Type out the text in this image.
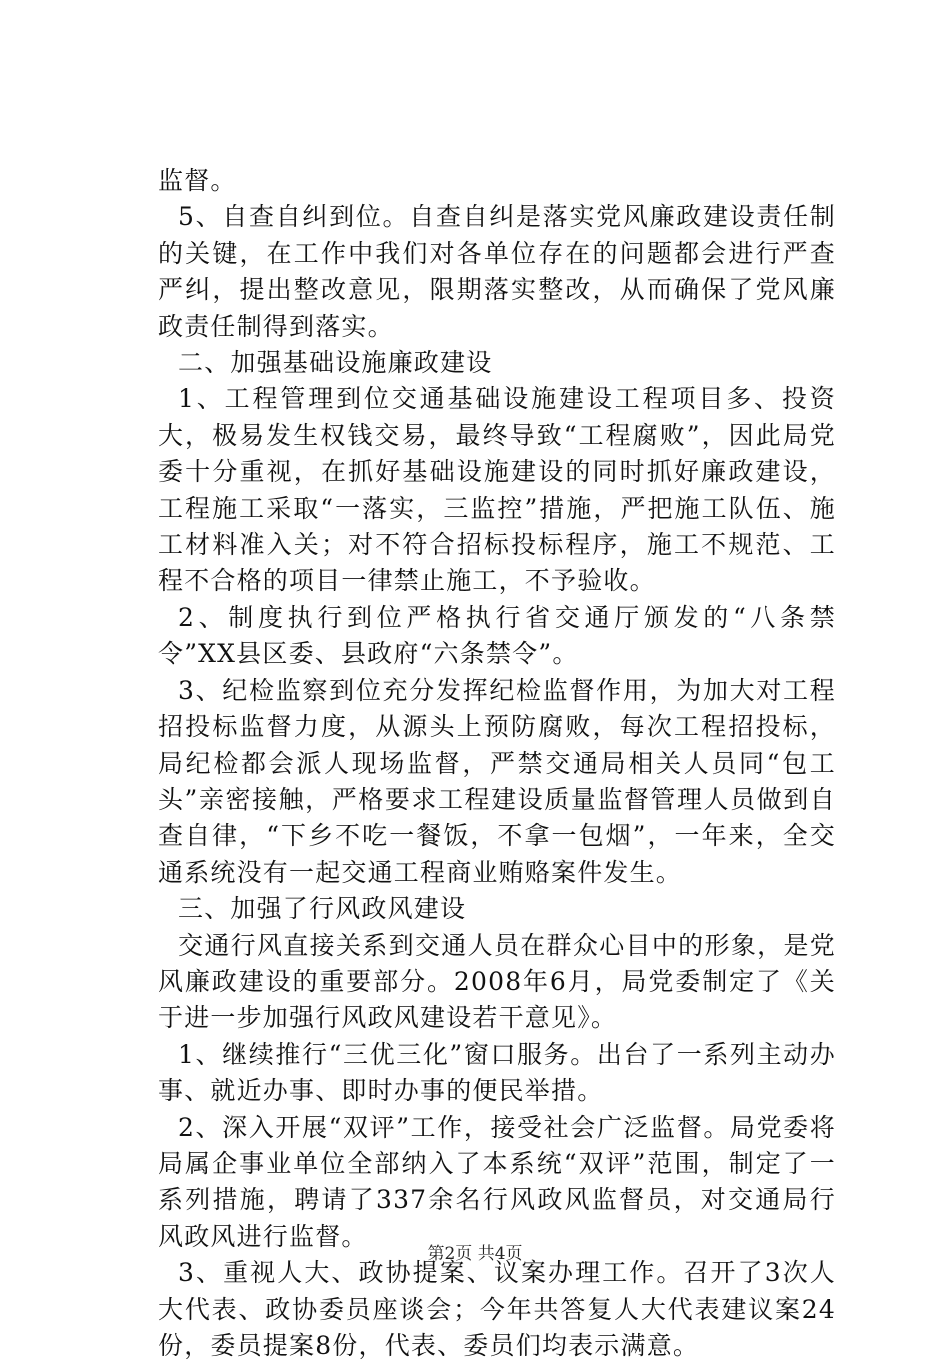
监督。

5、自查自纠到位。自查自纠是落实党风廉政建设责任制的关键，在工作中我们对各单位存在的问题都会进行严查严纠，提出整改意见，限期落实整改，从而确保了党风廉政责任制得到落实。

二、加强基础设施廉政建设

1、工程管理到位交通基础设施建设工程项目多、投资大，极易发生权钱交易，最终导致“工程腐败”，因此局党委十分重视，在抓好基础设施建设的同时抓好廉政建设，工程施工采取“一落实，三监控”措施，严把施工队伍、施工材料准入关；对不符合招标投标程序，施工不规范、工程不合格的项目一律禁止施工，不予验收。

2、制度执行到位严格执行省交通厅颁发的“八条禁令”XX县区委、县政府“六条禁令”。

3、纪检监察到位充分发挥纪检监督作用，为加大对工程招投标监督力度，从源头上预防腐败，每次工程招投标，局纪检都会派人现场监督，严禁交通局相关人员同“包工头”亲密接触，严格要求工程建设质量监督管理人员做到自查自律，“下乡不吃一餐饭，不拿一包烟”，一年来，全交通系统没有一起交通工程商业贿赂案件发生。

三、加强了行风政风建设

交通行风直接关系到交通人员在群众心目中的形象，是党风廉政建设的重要部分。2008年6月，局党委制定了《关于进一步加强行风政风建设若干意见》。

1、继续推行“三优三化”窗口服务。出台了一系列主动办事、就近办事、即时办事的便民举措。

2、深入开展“双评”工作，接受社会广泛监督。局党委将局属企事业单位全部纳入了本系统“双评”范围，制定了一系列措施，聘请了337余名行风政风监督员，对交通局行风政风进行监督。

3、重视人大、政协提案、议案办理工作。召开了3次人大代表、政协委员座谈会；今年共答复人大代表建议案24份，委员提案8份，代表、委员们均表示满意。

第2页 共4页
